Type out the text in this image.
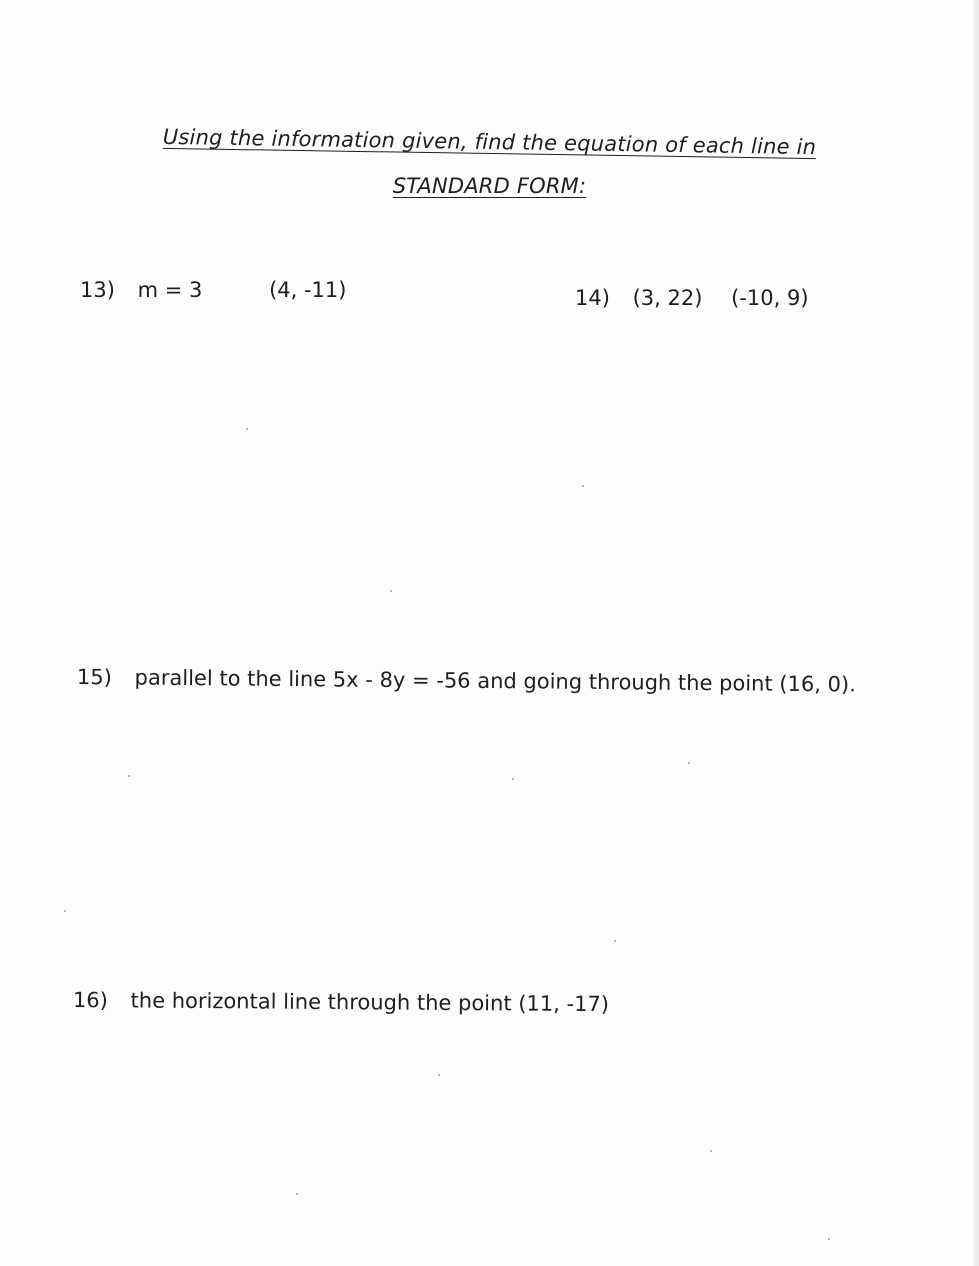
Using the information given, find the equation of each line in
STANDARD FORM:
13) m = 3	(4, -11)	14) (3, 22) (-10, 9)
15) parallel to the line 5x - 8y = -56 and going through the point (16, 0).
16) the horizontal line through the point (11, -17)
